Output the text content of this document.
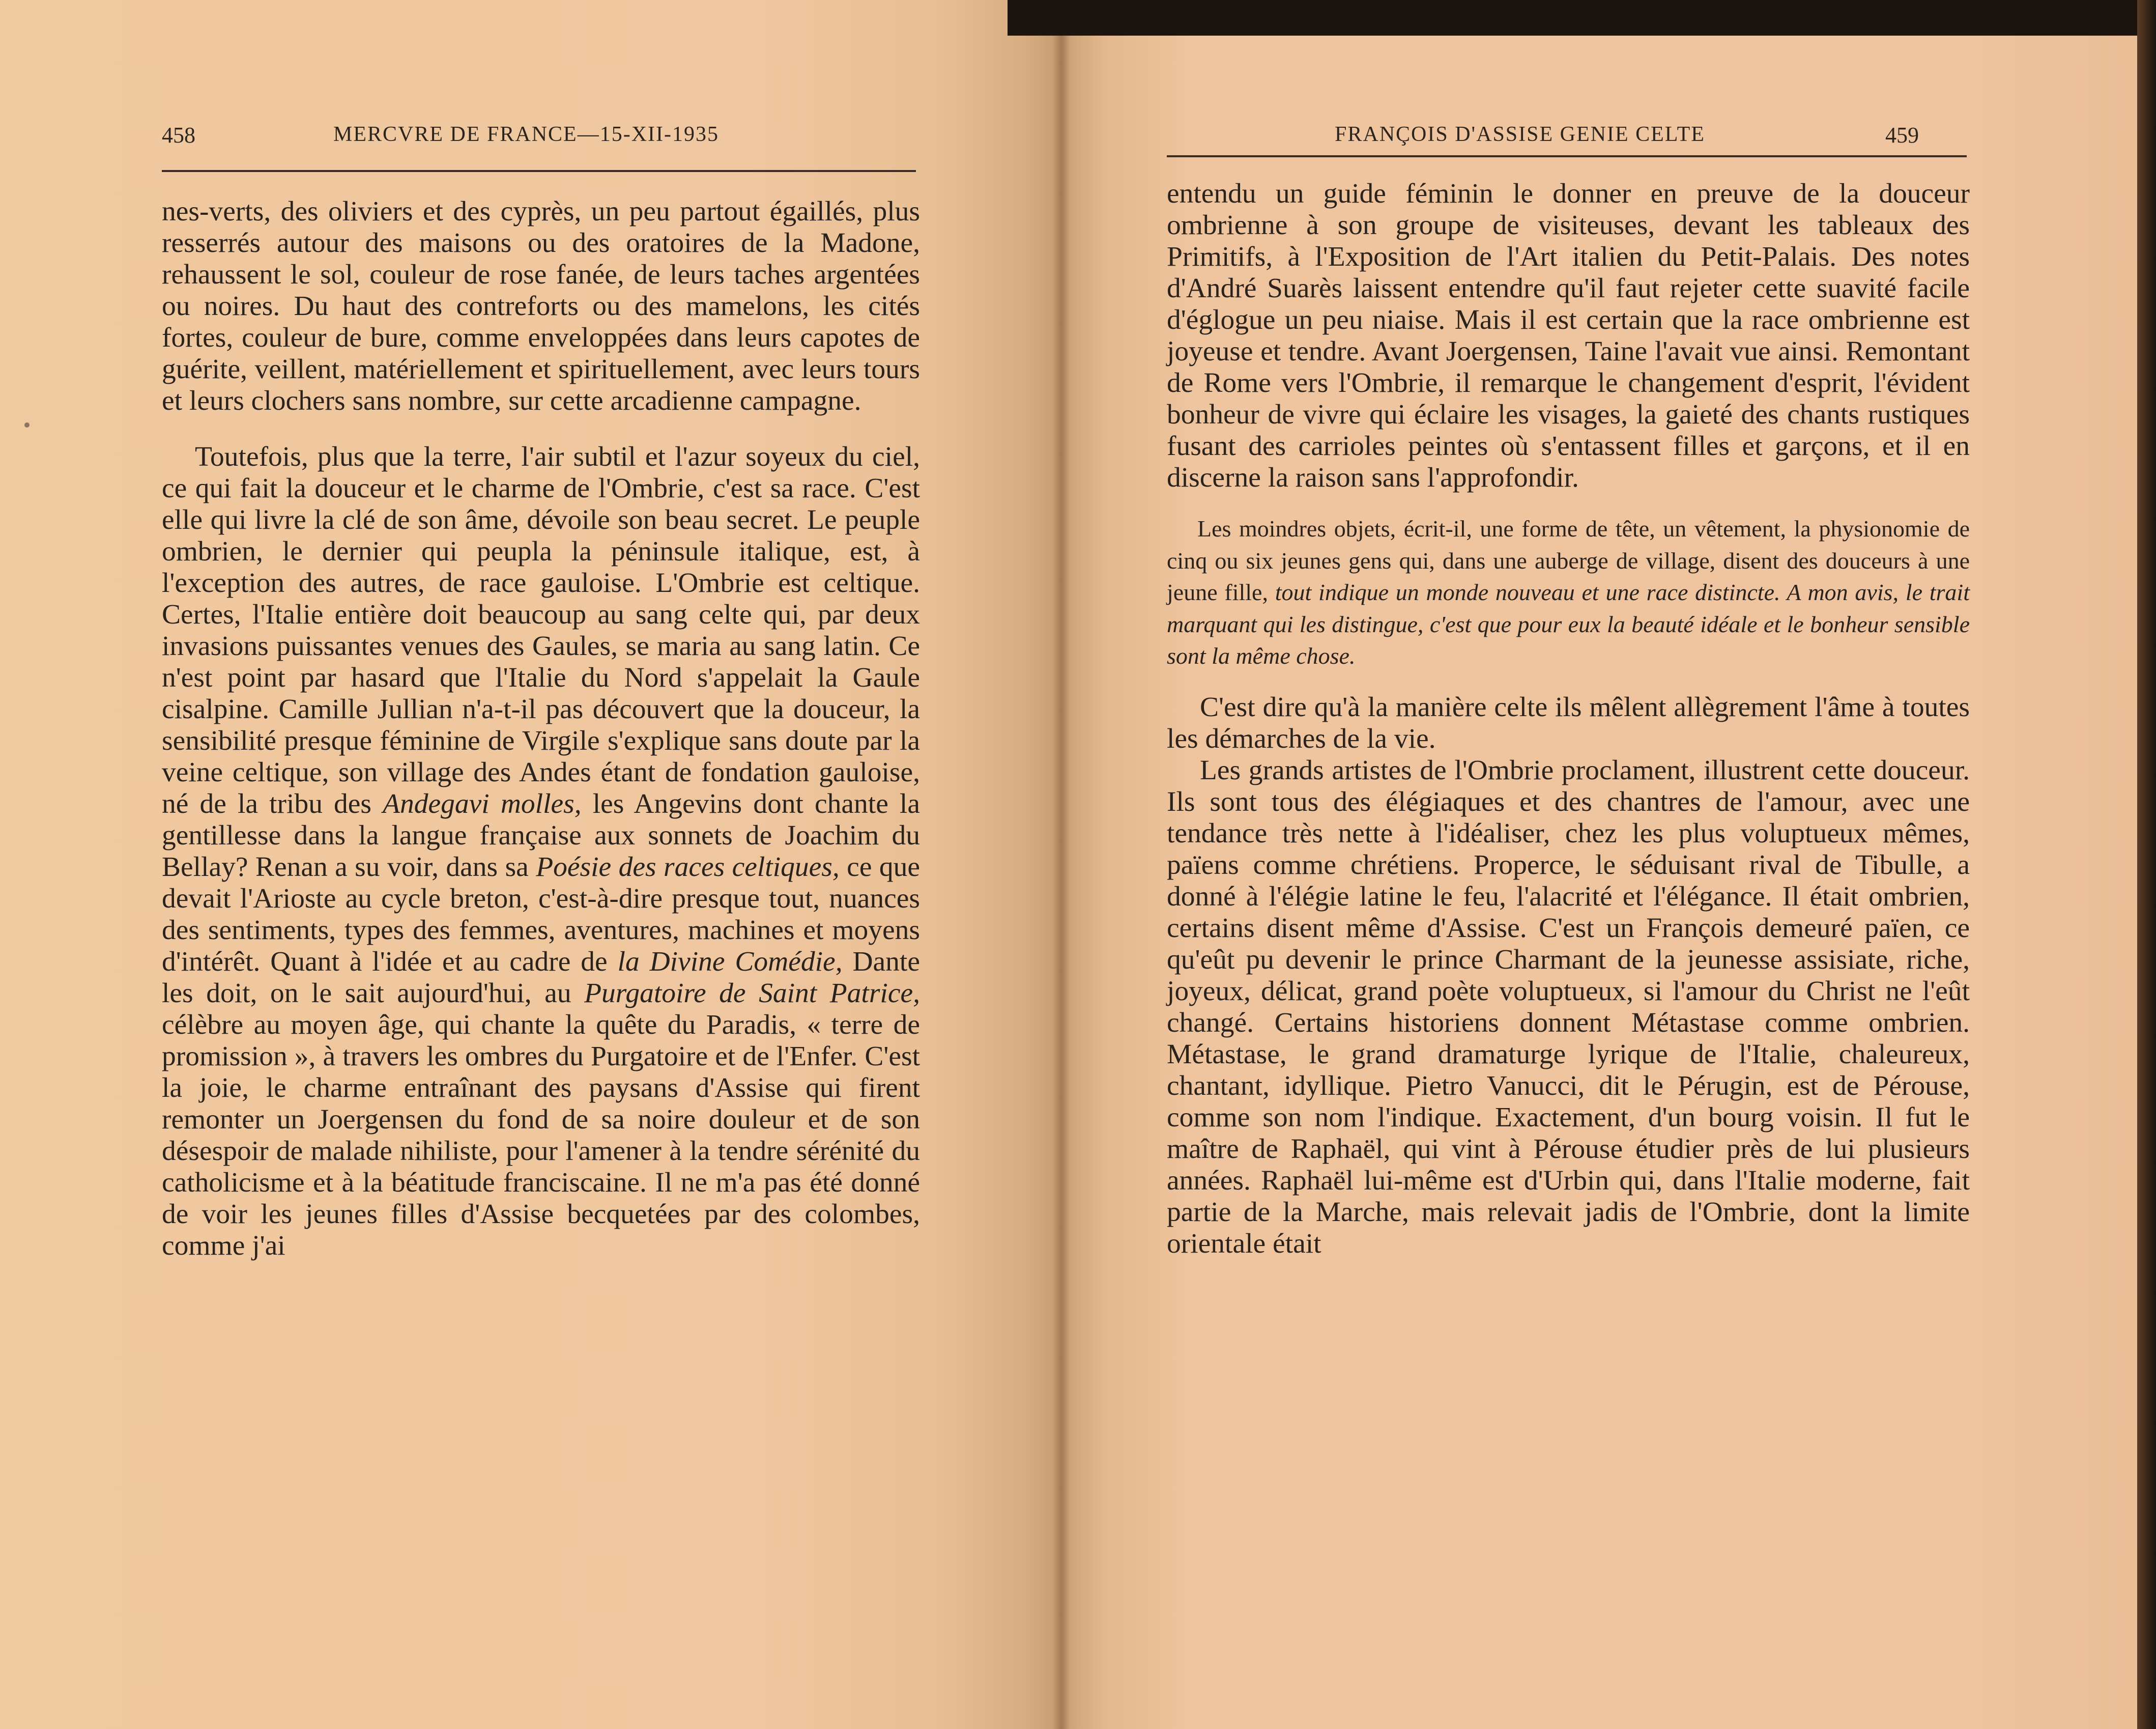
458	MERCVRE DE FRANCE—15-XII-1935

nes-verts, des oliviers et des cyprès, un peu partout égaillés, plus resserrés autour des maisons ou des oratoires de la Madone, rehaussent le sol, couleur de rose fanée, de leurs taches argentées ou noires. Du haut des contreforts ou des mamelons, les cités fortes, couleur de bure, comme enveloppées dans leurs capotes de guérite, veillent, matériellement et spirituellement, avec leurs tours et leurs clochers sans nombre, sur cette arcadienne campagne.

Toutefois, plus que la terre, l'air subtil et l'azur soyeux du ciel, ce qui fait la douceur et le charme de l'Ombrie, c'est sa race. C'est elle qui livre la clé de son âme, dévoile son beau secret. Le peuple ombrien, le dernier qui peupla la péninsule italique, est, à l'exception des autres, de race gauloise. L'Ombrie est celtique. Certes, l'Italie entière doit beaucoup au sang celte qui, par deux invasions puissantes venues des Gaules, se maria au sang latin. Ce n'est point par hasard que l'Italie du Nord s'appelait la Gaule cisalpine. Camille Jullian n'a-t-il pas découvert que la douceur, la sensibilité presque féminine de Virgile s'explique sans doute par la veine celtique, son village des Andes étant de fondation gauloise, né de la tribu des Andegavi molles, les Angevins dont chante la gentillesse dans la langue française aux sonnets de Joachim du Bellay? Renan a su voir, dans sa Poésie des races celtiques, ce que devait l'Arioste au cycle breton, c'est-à-dire presque tout, nuances des sentiments, types des femmes, aventures, machines et moyens d'intérêt. Quant à l'idée et au cadre de la Divine Comédie, Dante les doit, on le sait aujourd'hui, au Purgatoire de Saint Patrice, célèbre au moyen âge, qui chante la quête du Paradis, « terre de promission », à travers les ombres du Purgatoire et de l'Enfer. C'est la joie, le charme entraînant des paysans d'Assise qui firent remonter un Joergensen du fond de sa noire douleur et de son désespoir de malade nihiliste, pour l'amener à la tendre sérénité du catholicisme et à la béatitude franciscaine. Il ne m'a pas été donné de voir les jeunes filles d'Assise becquetées par des colombes, comme j'ai

FRANÇOIS D'ASSISE GENIE CELTE	459

entendu un guide féminin le donner en preuve de la douceur ombrienne à son groupe de visiteuses, devant les tableaux des Primitifs, à l'Exposition de l'Art italien du Petit-Palais. Des notes d'André Suarès laissent entendre qu'il faut rejeter cette suavité facile d'églogue un peu niaise. Mais il est certain que la race ombrienne est joyeuse et tendre. Avant Joergensen, Taine l'avait vue ainsi. Remontant de Rome vers l'Ombrie, il remarque le changement d'esprit, l'évident bonheur de vivre qui éclaire les visages, la gaieté des chants rustiques fusant des carrioles peintes où s'entassent filles et garçons, et il en discerne la raison sans l'approfondir.

Les moindres objets, écrit-il, une forme de tête, un vêtement, la physionomie de cinq ou six jeunes gens qui, dans une auberge de village, disent des douceurs à une jeune fille, tout indique un monde nouveau et une race distincte. A mon avis, le trait marquant qui les distingue, c'est que pour eux la beauté idéale et le bonheur sensible sont la même chose.

C'est dire qu'à la manière celte ils mêlent allègrement l'âme à toutes les démarches de la vie.

Les grands artistes de l'Ombrie proclament, illustrent cette douceur. Ils sont tous des élégiaques et des chantres de l'amour, avec une tendance très nette à l'idéaliser, chez les plus voluptueux mêmes, païens comme chrétiens. Properce, le séduisant rival de Tibulle, a donné à l'élégie latine le feu, l'alacrité et l'élégance. Il était ombrien, certains disent même d'Assise. C'est un François demeuré païen, ce qu'eût pu devenir le prince Charmant de la jeunesse assisiate, riche, joyeux, délicat, grand poète voluptueux, si l'amour du Christ ne l'eût changé. Certains historiens donnent Métastase comme ombrien. Métastase, le grand dramaturge lyrique de l'Italie, chaleureux, chantant, idyllique. Pietro Vanucci, dit le Pérugin, est de Pérouse, comme son nom l'indique. Exactement, d'un bourg voisin. Il fut le maître de Raphaël, qui vint à Pérouse étudier près de lui plusieurs années. Raphaël lui-même est d'Urbin qui, dans l'Italie moderne, fait partie de la Marche, mais relevait jadis de l'Ombrie, dont la limite orientale était
